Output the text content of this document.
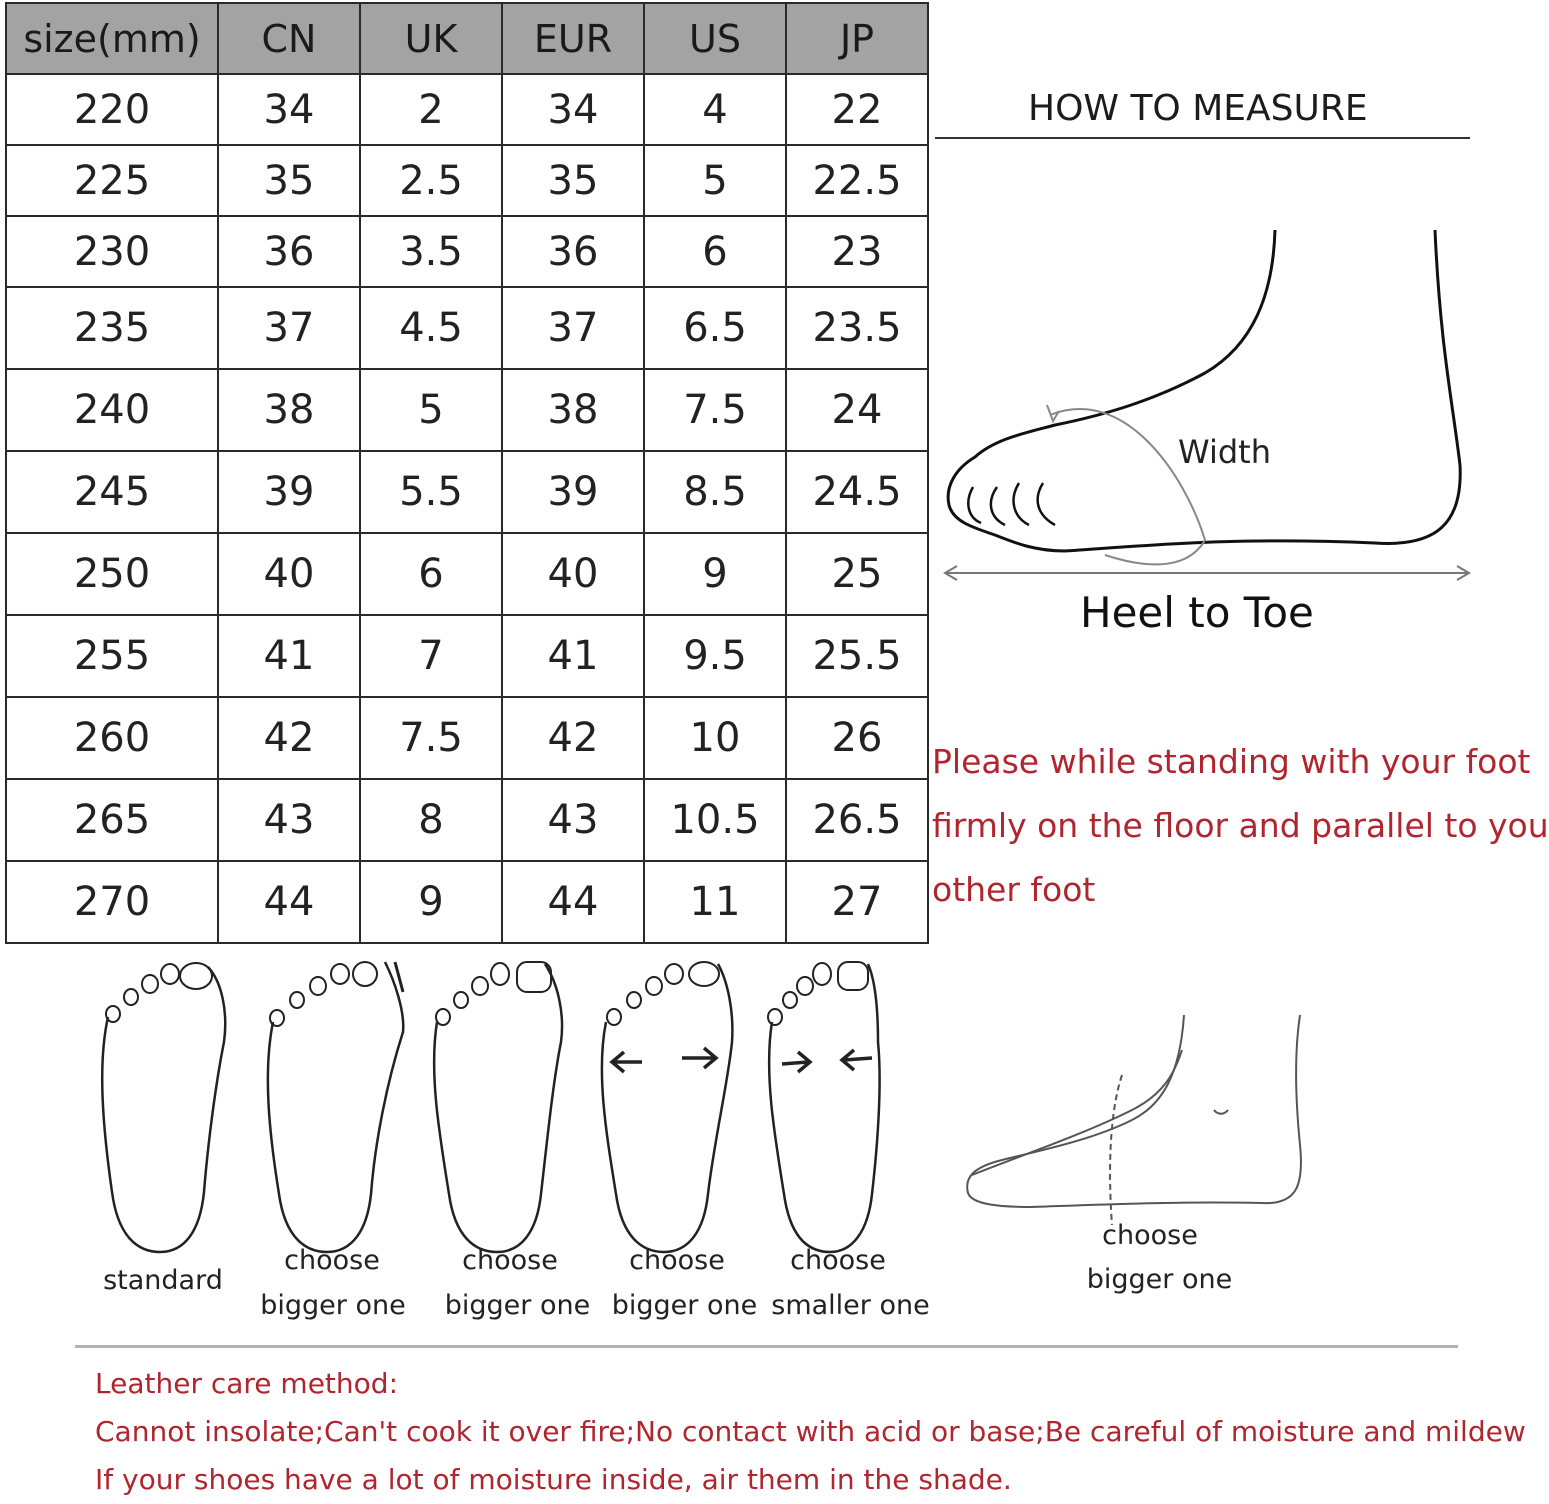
size(mm)	CN	UK	EUR	US	JP
220	34	2	34	4	22
225	35	2.5	35	5	22.5
230	36	3.5	36	6	23
235	37	4.5	37	6.5	23.5
240	38	5	38	7.5	24
245	39	5.5	39	8.5	24.5
250	40	6	40	9	25
255	41	7	41	9.5	25.5
260	42	7.5	42	10	26
265	43	8	43	10.5	26.5
270	44	9	44	11	27
HOW TO MEASURE
Width
Heel to Toe
Please while standing with your foot
firmly on the floor and parallel to you
other foot
standard
choose
bigger one
choose
bigger one
choose
bigger one
choose
smaller one
choose
bigger one
Leather care method:
Cannot insolate;Can't cook it over fire;No contact with acid or base;Be careful of moisture and mildew
If your shoes have a lot of moisture inside, air them in the shade.
